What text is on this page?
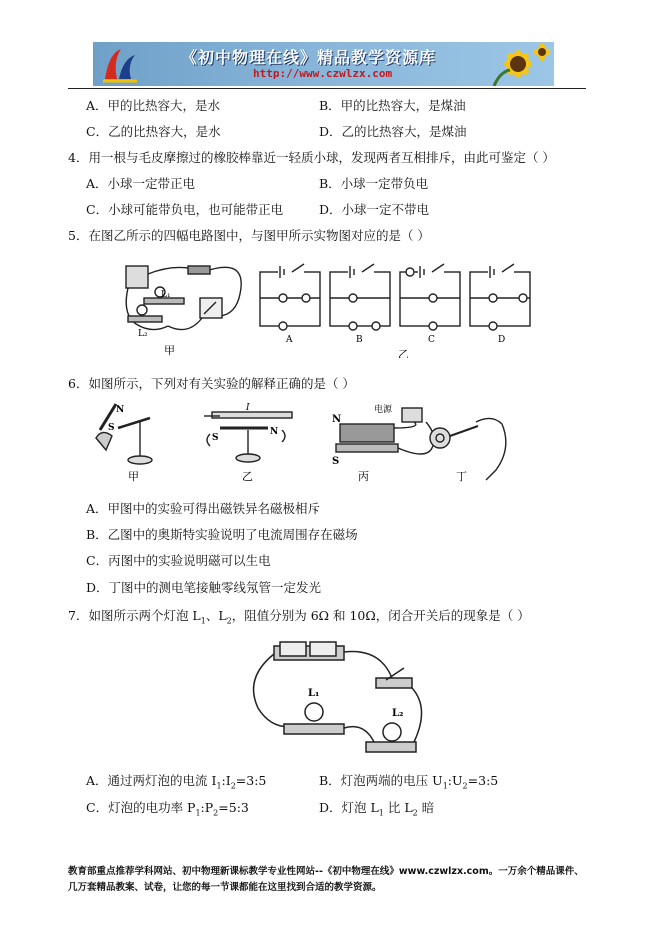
《初中物理在线》精品教学资源库
http://www.czwlzx.com
A．甲的比热容大，是水	B．甲的比热容大，是煤油
C．乙的比热容大，是水	D．乙的比热容大，是煤油
4．用一根与毛皮摩擦过的橡胶棒靠近一轻质小球，发现两者互相排斥，由此可鉴定（ ）
A．小球一定带正电	B．小球一定带负电
C．小球可能带负电，也可能带正电	D．小球一定不带电
5．在图乙所示的四幅电路图中，与图甲所示实物图对应的是（ ）
L₁
L₂
甲
A	B	C	D
乙
6．如图所示，下列对有关实验的解释正确的是（ ）
N
S
甲
I
S
N
乙
N
S
电源
丙	丁
A．甲图中的实验可得出磁铁异名磁极相斥
B．乙图中的奥斯特实验说明了电流周围存在磁场
C．丙图中的实验说明磁可以生电
D．丁图中的测电笔接触零线氖管一定发光
7．如图所示两个灯泡 $L_1$、$L_2$，阻值分别为 6Ω 和 10Ω，闭合开关后的现象是（ ）
L₁
L₂
A．通过两灯泡的电流 $I_1:I_2=3:5$	B．灯泡两端的电压 $U_1:U_2=3:5$
C．灯泡的电功率 $P_1:P_2=5:3$	D．灯泡 $L_1$ 比 $L_2$ 暗
教育部重点推荐学科网站、初中物理新课标教学专业性网站--《初中物理在线》www.czwlzx.com。一万余个精品课件、
几万套精品教案、试卷，让您的每一节课都能在这里找到合适的教学资源。
